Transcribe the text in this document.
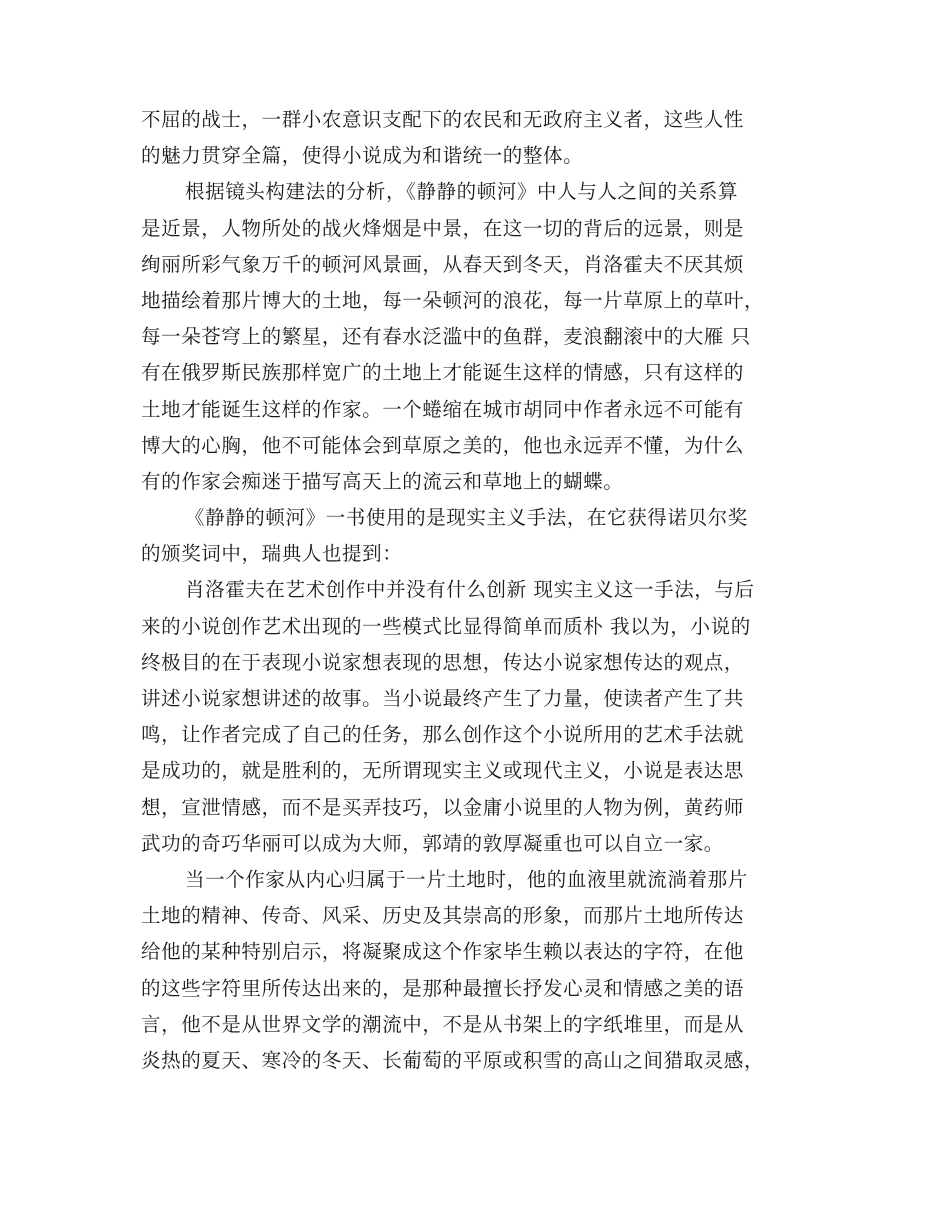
不屈的战士，一群小农意识支配下的农民和无政府主义者，这些人性
的魅力贯穿全篇，使得小说成为和谐统一的整体。
根据镜头构建法的分析，《静静的顿河》中人与人之间的关系算
是近景，人物所处的战火烽烟是中景，在这一切的背后的远景，则是
绚丽所彩气象万千的顿河风景画，从春天到冬天，肖洛霍夫不厌其烦
地描绘着那片博大的土地，每一朵顿河的浪花，每一片草原上的草叶，
每一朵苍穹上的繁星，还有春水泛滥中的鱼群，麦浪翻滚中的大雁 只
有在俄罗斯民族那样宽广的土地上才能诞生这样的情感，只有这样的
土地才能诞生这样的作家。一个蜷缩在城市胡同中作者永远不可能有
博大的心胸，他不可能体会到草原之美的，他也永远弄不懂，为什么
有的作家会痴迷于描写高天上的流云和草地上的蝴蝶。
《静静的顿河》一书使用的是现实主义手法，在它获得诺贝尔奖
的颁奖词中，瑞典人也提到：
肖洛霍夫在艺术创作中并没有什么创新 现实主义这一手法，与后
来的小说创作艺术出现的一些模式比显得简单而质朴 我以为，小说的
终极目的在于表现小说家想表现的思想，传达小说家想传达的观点，
讲述小说家想讲述的故事。当小说最终产生了力量，使读者产生了共
鸣，让作者完成了自己的任务，那么创作这个小说所用的艺术手法就
是成功的，就是胜利的，无所谓现实主义或现代主义，小说是表达思
想，宣泄情感，而不是买弄技巧，以金庸小说里的人物为例，黄药师
武功的奇巧华丽可以成为大师，郭靖的敦厚凝重也可以自立一家。
当一个作家从内心归属于一片土地时，他的血液里就流淌着那片
土地的精神、传奇、风采、历史及其崇高的形象，而那片土地所传达
给他的某种特别启示，将凝聚成这个作家毕生赖以表达的字符，在他
的这些字符里所传达出来的，是那种最擅长抒发心灵和情感之美的语
言，他不是从世界文学的潮流中，不是从书架上的字纸堆里，而是从
炎热的夏天、寒冷的冬天、长葡萄的平原或积雪的高山之间猎取灵感，
